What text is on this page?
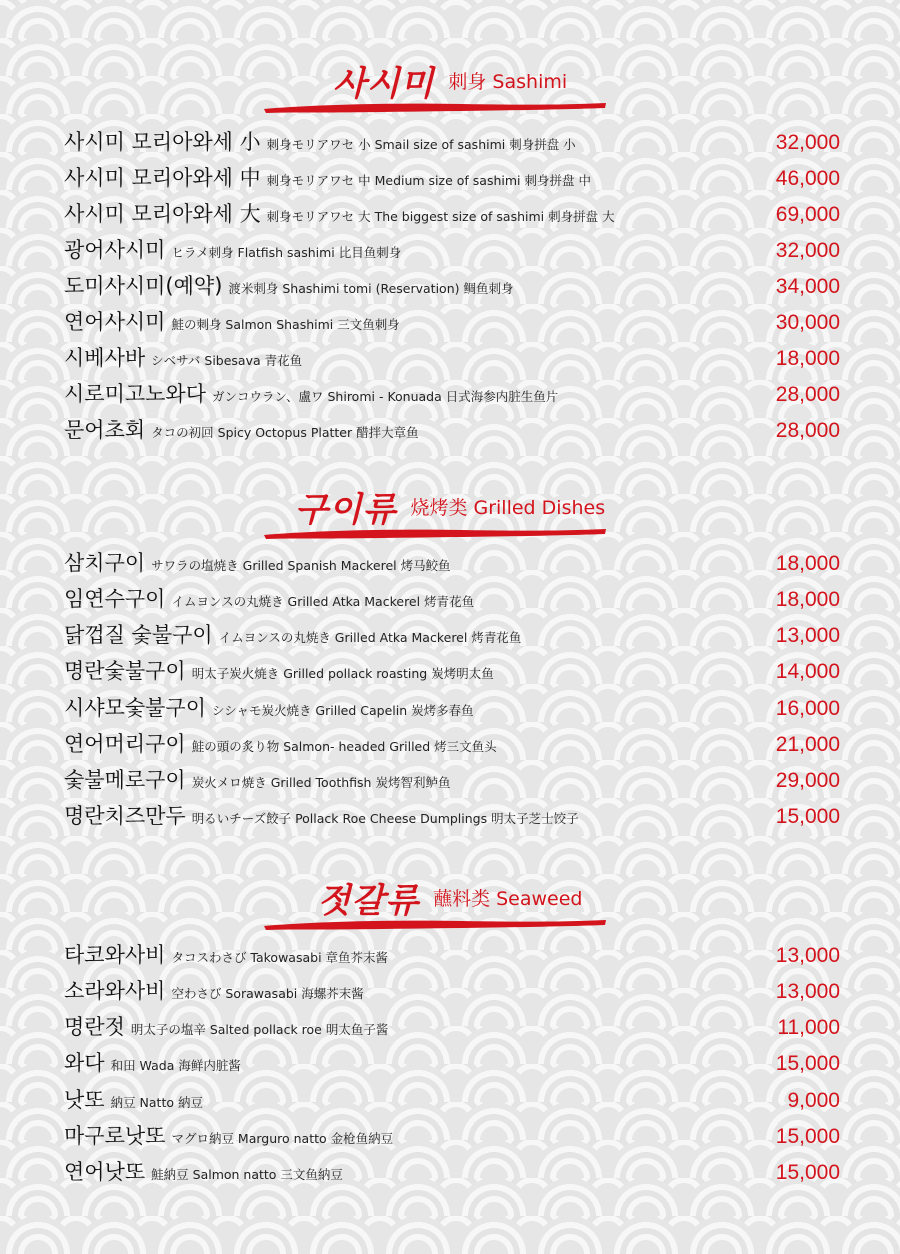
사시미 刺身 Sashimi
사시미 모리아와세 小 刺身モリアワセ 小 Smail size of sashimi 刺身拼盘 小	32,000
사시미 모리아와세 中 刺身モリアワセ 中 Medium size of sashimi 刺身拼盘 中	46,000
사시미 모리아와세 大 刺身モリアワセ 大 The biggest size of sashimi 刺身拼盘 大	69,000
광어사시미 ヒラメ刺身 Flatfish sashimi 比目鱼刺身	32,000
도미사시미(예약) 渡米刺身 Shashimi tomi (Reservation) 鲷鱼刺身	34,000
연어사시미 鮭の刺身 Salmon Shashimi 三文鱼刺身	30,000
시베사바 シベサバ Sibesava 青花鱼	18,000
시로미고노와다 ガンコウラン、盧ワ Shiromi - Konuada 日式海参内脏生鱼片	28,000
문어초회 タコの初回 Spicy Octopus Platter 醋拌大章鱼	28,000
구이류 烧烤类 Grilled Dishes
삼치구이 サワラの塩焼き Grilled Spanish Mackerel 烤马鲛鱼	18,000
임연수구이 イムヨンスの丸焼き Grilled Atka Mackerel 烤青花鱼	18,000
닭껍질 숯불구이 イムヨンスの丸焼き Grilled Atka Mackerel 烤青花鱼	13,000
명란숯불구이 明太子炭火焼き Grilled pollack roasting 炭烤明太鱼	14,000
시샤모숯불구이 シシャモ炭火焼き Grilled Capelin 炭烤多春鱼	16,000
연어머리구이 鮭の頭の炙り物 Salmon- headed Grilled 烤三文鱼头	21,000
숯불메로구이 炭火メロ焼き Grilled Toothfish 炭烤智利鲈鱼	29,000
명란치즈만두 明るいチーズ餃子 Pollack Roe Cheese Dumplings 明太子芝士饺子	15,000
젓갈류 蘸料类 Seaweed
타코와사비 タコスわさび Takowasabi 章鱼芥末酱	13,000
소라와사비 空わさび Sorawasabi 海螺芥末酱	13,000
명란젓 明太子の塩辛 Salted pollack roe 明太鱼子酱	11,000
와다 和田 Wada 海鲜内脏酱	15,000
낫또 納豆 Natto 納豆	9,000
마구로낫또 マグロ納豆 Marguro natto 金枪鱼納豆	15,000
연어낫또 鮭納豆 Salmon natto 三文鱼納豆	15,000
